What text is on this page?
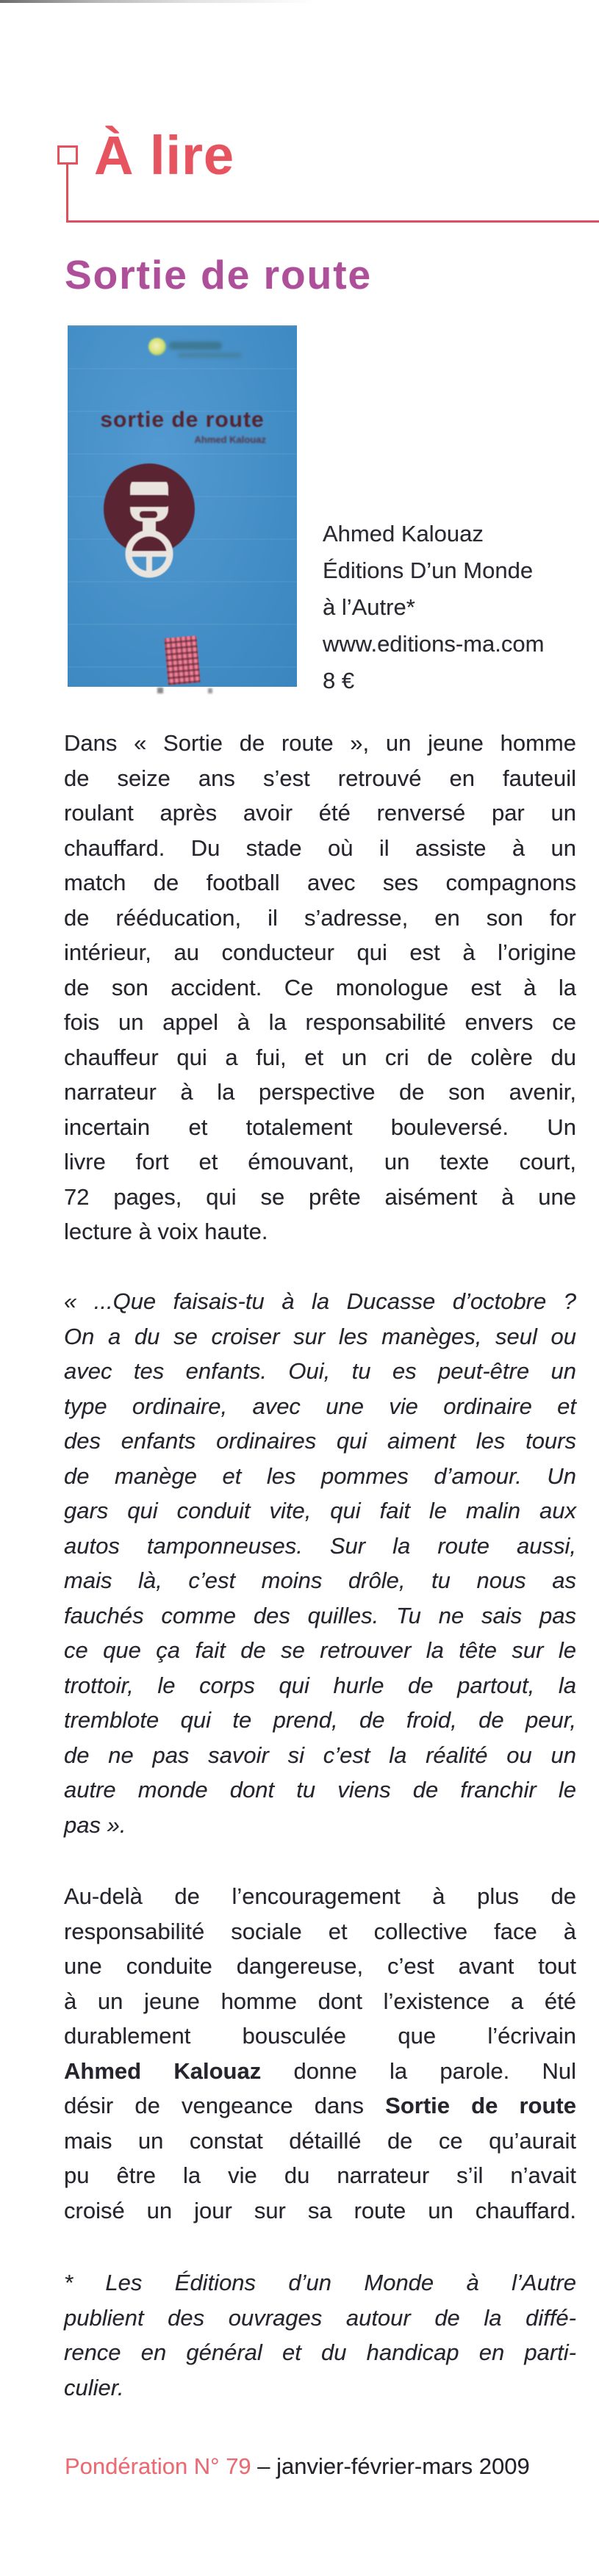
À lire
Sortie de route
sortie de route
Ahmed Kalouaz
Ahmed Kalouaz
Éditions D’un Monde
à l’Autre*
www.editions-ma.com
8 €
Dans « Sortie de route », un jeune homme
de seize ans s’est retrouvé en fauteuil
roulant après avoir été renversé par un
chauffard. Du stade où il assiste à un
match de football avec ses compagnons
de rééducation, il s’adresse, en son for
intérieur, au conducteur qui est à l’origine
de son accident. Ce monologue est à la
fois un appel à la responsabilité envers ce
chauffeur qui a fui, et un cri de colère du
narrateur à la perspective de son avenir,
incertain et totalement bouleversé. Un
livre fort et émouvant, un texte court,
72 pages, qui se prête aisément à une
lecture à voix haute.
« ...Que faisais-tu à la Ducasse d’octobre ?
On a du se croiser sur les manèges, seul ou
avec tes enfants. Oui, tu es peut-être un
type ordinaire, avec une vie ordinaire et
des enfants ordinaires qui aiment les tours
de manège et les pommes d’amour. Un
gars qui conduit vite, qui fait le malin aux
autos tamponneuses. Sur la route aussi,
mais là, c’est moins drôle, tu nous as
fauchés comme des quilles. Tu ne sais pas
ce que ça fait de se retrouver la tête sur le
trottoir, le corps qui hurle de partout, la
tremblote qui te prend, de froid, de peur,
de ne pas savoir si c’est la réalité ou un
autre monde dont tu viens de franchir le
pas ».
Au-delà de l’encouragement à plus de
responsabilité sociale et collective face à
une conduite dangereuse, c’est avant tout
à un jeune homme dont l’existence a été
durablement bousculée que l’écrivain
Ahmed Kalouaz donne la parole. Nul
désir de vengeance dans Sortie de route
mais un constat détaillé de ce qu’aurait
pu être la vie du narrateur s’il n’avait
croisé un jour sur sa route un chauffard.
* Les Éditions d’un Monde à l’Autre
publient des ouvrages autour de la diffé-
rence en général et du handicap en parti-
culier.
Pondération N° 79 – janvier-février-mars 2009
